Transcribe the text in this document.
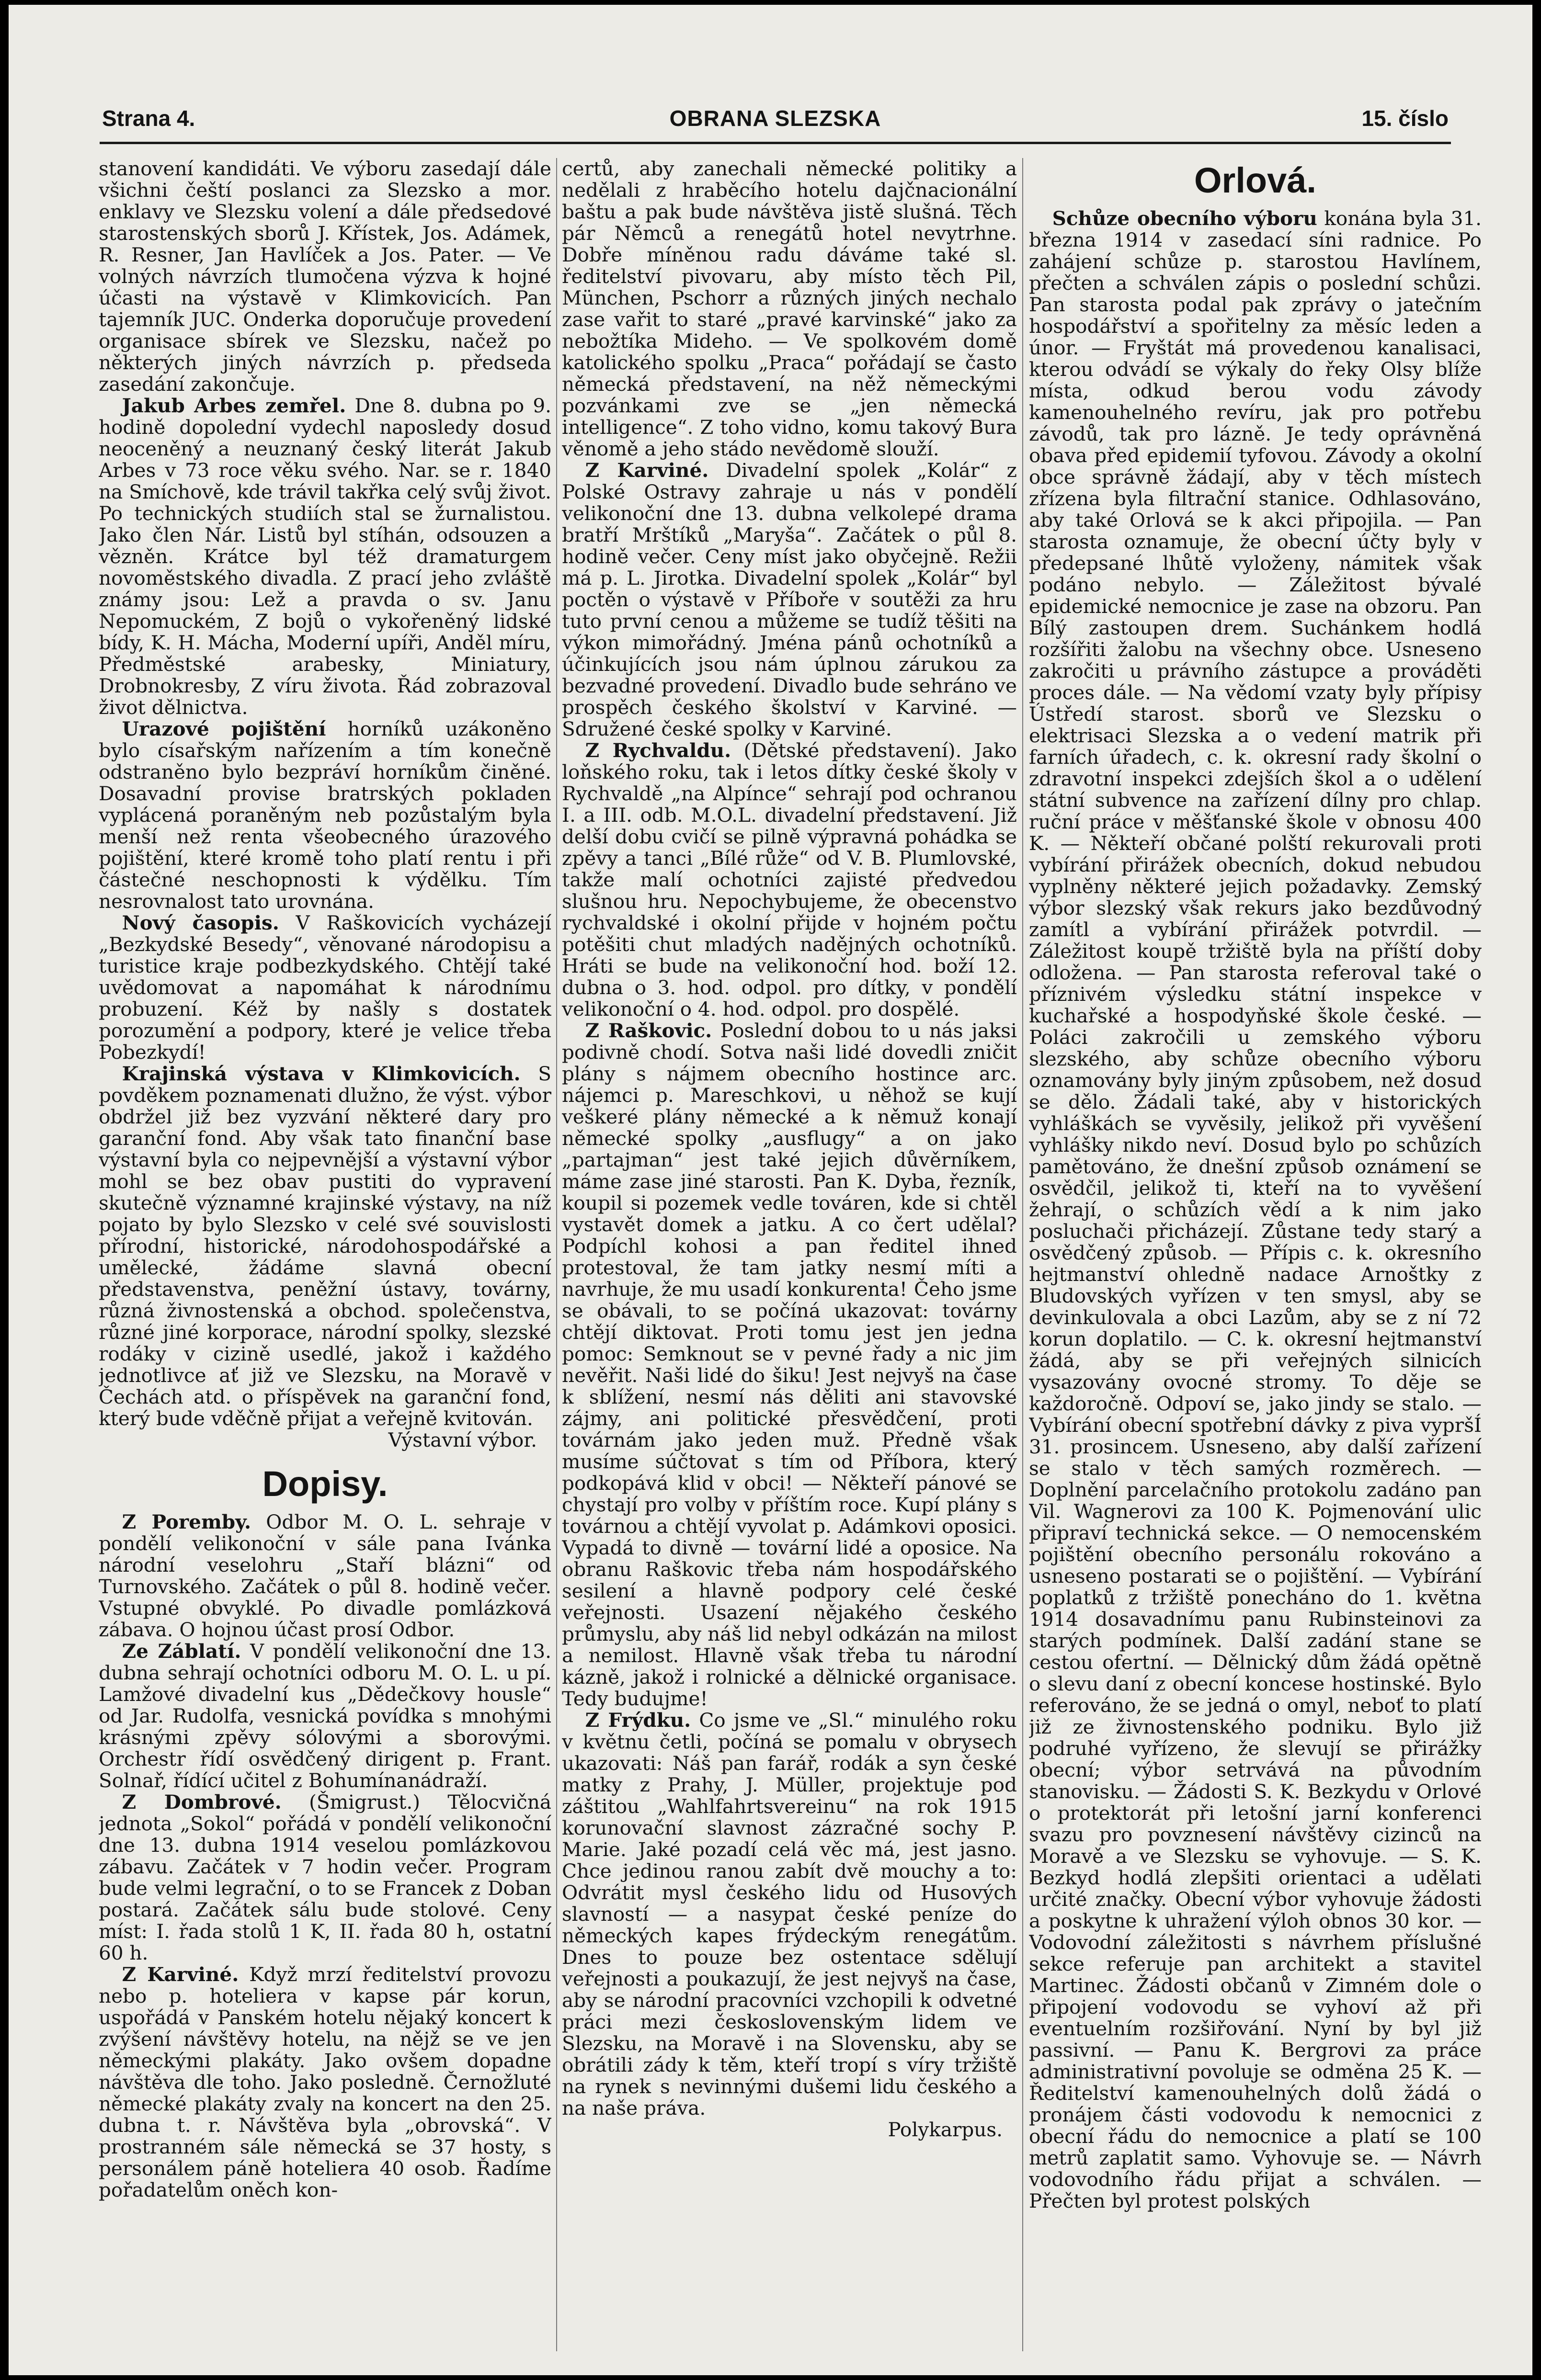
Strana 4.	OBRANA SLEZSKA	15. číslo

stanovení kandidáti. Ve výboru zasedají dále všichni čeští poslanci za Slezsko a mor. enklavy ve Slezsku volení a dále předsedové starostenských sborů J. Křístek, Jos. Adámek, R. Resner, Jan Havlíček a Jos. Pater. — Ve volných návrzích tlumočena výzva k hojné účasti na výstavě v Klimkovicích. Pan tajemník JUC. Onderka doporučuje provedení organisace sbírek ve Slezsku, načež po některých jiných návrzích p. předseda zasedání zakončuje.

Jakub Arbes zemřel. Dne 8. dubna po 9. hodině dopolední vydechl naposledy dosud neoceněný a neuznaný český literát Jakub Arbes v 73 roce věku svého. Nar. se r. 1840 na Smíchově, kde trávil takřka celý svůj život. Po technických studiích stal se žurnalistou. Jako člen Nár. Listů byl stíhán, odsouzen a vězněn. Krátce byl též dramaturgem novoměstského divadla. Z prací jeho zvláště známy jsou: Lež a pravda o sv. Janu Nepomuckém, Z bojů o vykořeněný lidské bídy, K. H. Mácha, Moderní upíři, Anděl míru, Předměstské arabesky, Miniatury, Drobnokresby, Z víru života. Řád zobrazoval život dělnictva.

Urazové pojištění horníků uzákoněno bylo císařským nařízením a tím konečně odstraněno bylo bezpráví horníkům činěné. Dosavadní provise bratrských pokladen vyplácená poraněným neb pozůstalým byla menší než renta všeobecného úrazového pojištění, které kromě toho platí rentu i při částečné neschopnosti k výdělku. Tím nesrovnalost tato urovnána.

Nový časopis. V Raškovicích vycházejí „Bezkydské Besedy“, věnované národopisu a turistice kraje podbezkydského. Chtějí také uvědomovat a napomáhat k národnímu probuzení. Kéž by našly s dostatek porozumění a podpory, které je velice třeba Pobezkydí!

Krajinská výstava v Klimkovicích. S povděkem poznamenati dlužno, že výst. výbor obdržel již bez vyzvání některé dary pro garanční fond. Aby však tato finanční base výstavní byla co nejpevnější a výstavní výbor mohl se bez obav pustiti do vypravení skutečně významné krajinské výstavy, na níž pojato by bylo Slezsko v celé své souvislosti přírodní, historické, národohospodářské a umělecké, žádáme slavná obecní představenstva, peněžní ústavy, továrny, různá živnostenská a obchod. společenstva, různé jiné korporace, národní spolky, slezské rodáky v cizině usedlé, jakož i každého jednotlivce ať již ve Slezsku, na Moravě v Čechách atd. o příspěvek na garanční fond, který bude vděčně přijat a veřejně kvitován.

Výstavní výbor.

Dopisy.

Z Poremby. Odbor M. O. L. sehraje v pondělí velikonoční v sále pana Ivánka národní veselohru „Staří blázni“ od Turnovského. Začátek o půl 8. hodině večer. Vstupné obvyklé. Po divadle pomlázková zábava. O hojnou účast prosí Odbor.

Ze Záblatí. V pondělí velikonoční dne 13. dubna sehrají ochotníci odboru M. O. L. u pí. Lamžové divadelní kus „Dědečkovy housle“ od Jar. Rudolfa, vesnická povídka s mnohými krásnými zpěvy sólovými a sborovými. Orchestr řídí osvědčený dirigent p. Frant. Solnař, řídící učitel z Bohumínanádraží.

Z Dombrové. (Šmigrust.) Tělocvičná jednota „Sokol“ pořádá v pondělí velikonoční dne 13. dubna 1914 veselou pomlázkovou zábavu. Začátek v 7 hodin večer. Program bude velmi legrační, o to se Francek z Doban postará. Začátek sálu bude stolové. Ceny míst: I. řada stolů 1 K, II. řada 80 h, ostatní 60 h.

Z Karviné. Když mrzí ředitelství provozu nebo p. hoteliera v kapse pár korun, uspořádá v Panském hotelu nějaký koncert k zvýšení návštěvy hotelu, na nějž se ve jen německými plakáty. Jako ovšem dopadne návštěva dle toho. Jako posledně. Černožluté německé plakáty zvaly na koncert na den 25. dubna t. r. Návštěva byla „obrovská“. V prostranném sále německá se 37 hosty, s personálem páně hoteliera 40 osob. Řadíme pořadatelům oněch kon-

certů, aby zanechali německé politiky a nedělali z hraběcího hotelu dajčnacionální baštu a pak bude návštěva jistě slušná. Těch pár Němců a renegátů hotel nevytrhne. Dobře míněnou radu dáváme také sl. ředitelství pivovaru, aby místo těch Pil, München, Pschorr a různých jiných nechalo zase vařit to staré „pravé karvinské“ jako za nebožtíka Mideho. — Ve spolkovém domě katolického spolku „Praca“ pořádají se často německá představení, na něž německými pozvánkami zve se „jen německá intelligence“. Z toho vidno, komu takový Bura věnomě a jeho stádo nevědomě slouží.

Z Karviné. Divadelní spolek „Kolár“ z Polské Ostravy zahraje u nás v pondělí velikonoční dne 13. dubna velkolepé drama bratří Mrštíků „Maryša“. Začátek o půl 8. hodině večer. Ceny míst jako obyčejně. Režii má p. L. Jirotka. Divadelní spolek „Kolár“ byl poctěn o výstavě v Příboře v soutěži za hru tuto první cenou a můžeme se tudíž těšiti na výkon mimořádný. Jména pánů ochotníků a účinkujících jsou nám úplnou zárukou za bezvadné provedení. Divadlo bude sehráno ve prospěch českého školství v Karviné. — Sdružené české spolky v Karviné.

Z Rychvaldu. (Dětské představení). Jako loňského roku, tak i letos dítky české školy v Rychvaldě „na Alpínce“ sehrají pod ochranou I. a III. odb. M.O.L. divadelní představení. Již delší dobu cvičí se pilně výpravná pohádka se zpěvy a tanci „Bílé růže“ od V. B. Plumlovské, takže malí ochotníci zajisté předvedou slušnou hru. Nepochybujeme, že obecenstvo rychvaldské i okolní přijde v hojném počtu potěšiti chut mladých nadějných ochotníků. Hráti se bude na velikonoční hod. boží 12. dubna o 3. hod. odpol. pro dítky, v pondělí velikonoční o 4. hod. odpol. pro dospělé.

Z Raškovic. Poslední dobou to u nás jaksi podivně chodí. Sotva naši lidé dovedli zničit plány s nájmem obecního hostince arc. nájemci p. Mareschkovi, u něhož se kují veškeré plány německé a k němuž konají německé spolky „ausflugy“ a on jako „partajman“ jest také jejich důvěrníkem, máme zase jiné starosti. Pan K. Dyba, řezník, koupil si pozemek vedle továren, kde si chtěl vystavět domek a jatku. A co čert udělal? Podpíchl kohosi a pan ředitel ihned protestoval, že tam jatky nesmí míti a navrhuje, že mu usadí konkurenta! Čeho jsme se obávali, to se počíná ukazovat: továrny chtějí diktovat. Proti tomu jest jen jedna pomoc: Semknout se v pevné řady a nic jim nevěřit. Naši lidé do šiku! Jest nejvyš na čase k sblížení, nesmí nás děliti ani stavovské zájmy, ani politické přesvědčení, proti továrnám jako jeden muž. Předně však musíme súčtovat s tím od Příbora, který podkopává klid v obci! — Někteří pánové se chystají pro volby v příštím roce. Kupí plány s továrnou a chtějí vyvolat p. Adámkovi oposici. Vypadá to divně — tovární lidé a oposice. Na obranu Raškovic třeba nám hospodářského sesilení a hlavně podpory celé české veřejnosti. Usazení nějakého českého průmyslu, aby náš lid nebyl odkázán na milost a nemilost. Hlavně však třeba tu národní kázně, jakož i rolnické a dělnické organisace. Tedy budujme!

Z Frýdku. Co jsme ve „Sl.“ minulého roku v květnu četli, počíná se pomalu v obrysech ukazovati: Náš pan farář, rodák a syn české matky z Prahy, J. Müller, projektuje pod záštitou „Wahlfahrtsvereinu“ na rok 1915 korunovační slavnost zázračné sochy P. Marie. Jaké pozadí celá věc má, jest jasno. Chce jedinou ranou zabít dvě mouchy a to: Odvrátit mysl českého lidu od Husových slavností — a nasypat české peníze do německých kapes frýdeckým renegátům. Dnes to pouze bez ostentace sdělují veřejnosti a poukazují, že jest nejvyš na čase, aby se národní pracovníci vzchopili k odvetné práci mezi československým lidem ve Slezsku, na Moravě i na Slovensku, aby se obrátili zády k těm, kteří tropí s víry tržiště na rynek s nevinnými dušemi lidu českého a na naše práva.

Polykarpus.

Orlová.

Schůze obecního výboru konána byla 31. března 1914 v zasedací síni radnice. Po zahájení schůze p. starostou Havlínem, přečten a schválen zápis o poslední schůzi. Pan starosta podal pak zprávy o jatečním hospodářství a spořitelny za měsíc leden a únor. — Fryštát má provedenou kanalisaci, kterou odvádí se výkaly do řeky Olsy blíže místa, odkud berou vodu závody kamenouhelného revíru, jak pro potřebu závodů, tak pro lázně. Je tedy oprávněná obava před epidemií tyfovou. Závody a okolní obce správně žádají, aby v těch místech zřízena byla filtrační stanice. Odhlasováno, aby také Orlová se k akci připojila. — Pan starosta oznamuje, že obecní účty byly v předepsané lhůtě vyloženy, námitek však podáno nebylo. — Záležitost bývalé epidemické nemocnice je zase na obzoru. Pan Bílý zastoupen drem. Suchánkem hodlá rozšířiti žalobu na všechny obce. Usneseno zakročiti u právního zástupce a prováděti proces dále. — Na vědomí vzaty byly přípisy Ústředí starost. sborů ve Slezsku o elektrisaci Slezska a o vedení matrik při farních úřadech, c. k. okresní rady školní o zdravotní inspekci zdejších škol a o udělení státní subvence na zařízení dílny pro chlap. ruční práce v měšťanské škole v obnosu 400 K. — Někteří občané polští rekurovali proti vybírání přirážek obecních, dokud nebudou vyplněny některé jejich požadavky. Zemský výbor slezský však rekurs jako bezdůvodný zamítl a vybírání přirážek potvrdil. — Záležitost koupě tržiště byla na příští doby odložena. — Pan starosta referoval také o příznivém výsledku státní inspekce v kuchařské a hospodyňské škole české. — Poláci zakročili u zemského výboru slezského, aby schůze obecního výboru oznamovány byly jiným způsobem, než dosud se dělo. Žádali také, aby v historických vyhláškách se vyvěsily, jelikož při vyvěšení vyhlášky nikdo neví. Dosud bylo po schůzích pamětováno, že dnešní způsob oznámení se osvědčil, jelikož ti, kteří na to vyvěšení žehrají, o schůzích vědí a k nim jako posluchači přicházejí. Zůstane tedy starý a osvědčený způsob. — Přípis c. k. okresního hejtmanství ohledně nadace Arnoštky z Bludovských vyřízen v ten smysl, aby se devinkulovala a obci Lazům, aby se z ní 72 korun doplatilo. — C. k. okresní hejtmanství žádá, aby se při veřejných silnicích vysazovány ovocné stromy. To děje se každoročně. Odpoví se, jako jindy se stalo. — Vybírání obecní spotřební dávky z piva vypršÍ 31. prosincem. Usneseno, aby další zařízení se stalo v těch samých rozměrech. — Doplnění parcelačního protokolu zadáno pan Vil. Wagnerovi za 100 K. Pojmenování ulic připraví technická sekce. — O nemocenském pojištění obecního personálu rokováno a usneseno postarati se o pojištění. — Vybírání poplatků z tržiště ponecháno do 1. května 1914 dosavadnímu panu Rubinsteinovi za starých podmínek. Další zadání stane se cestou ofertní. — Dělnický dům žádá opětně o slevu daní z obecní koncese hostinské. Bylo referováno, že se jedná o omyl, neboť to platí již ze živnostenského podniku. Bylo již podruhé vyřízeno, že slevují se přirážky obecní; výbor setrvává na původním stanovisku. — Žádosti S. K. Bezkydu v Orlové o protektorát při letošní jarní konferenci svazu pro povznesení návštěvy cizinců na Moravě a ve Slezsku se vyhovuje. — S. K. Bezkyd hodlá zlepšiti orientaci a udělati určité značky. Obecní výbor vyhovuje žádosti a poskytne k uhražení výloh obnos 30 kor. — Vodovodní záležitosti s návrhem příslušné sekce referuje pan architekt a stavitel Martinec. Žádosti občanů v Zimném dole o připojení vodovodu se vyhoví až při eventuelním rozšiřování. Nyní by byl již passivní. — Panu K. Bergrovi za práce administrativní povoluje se odměna 25 K. — Ředitelství kamenouhelných dolů žádá o pronájem části vodovodu k nemocnici z obecní řádu do nemocnice a platí se 100 metrů zaplatit samo. Vyhovuje se. — Návrh vodovodního řádu přijat a schválen. — Přečten byl protest polských
